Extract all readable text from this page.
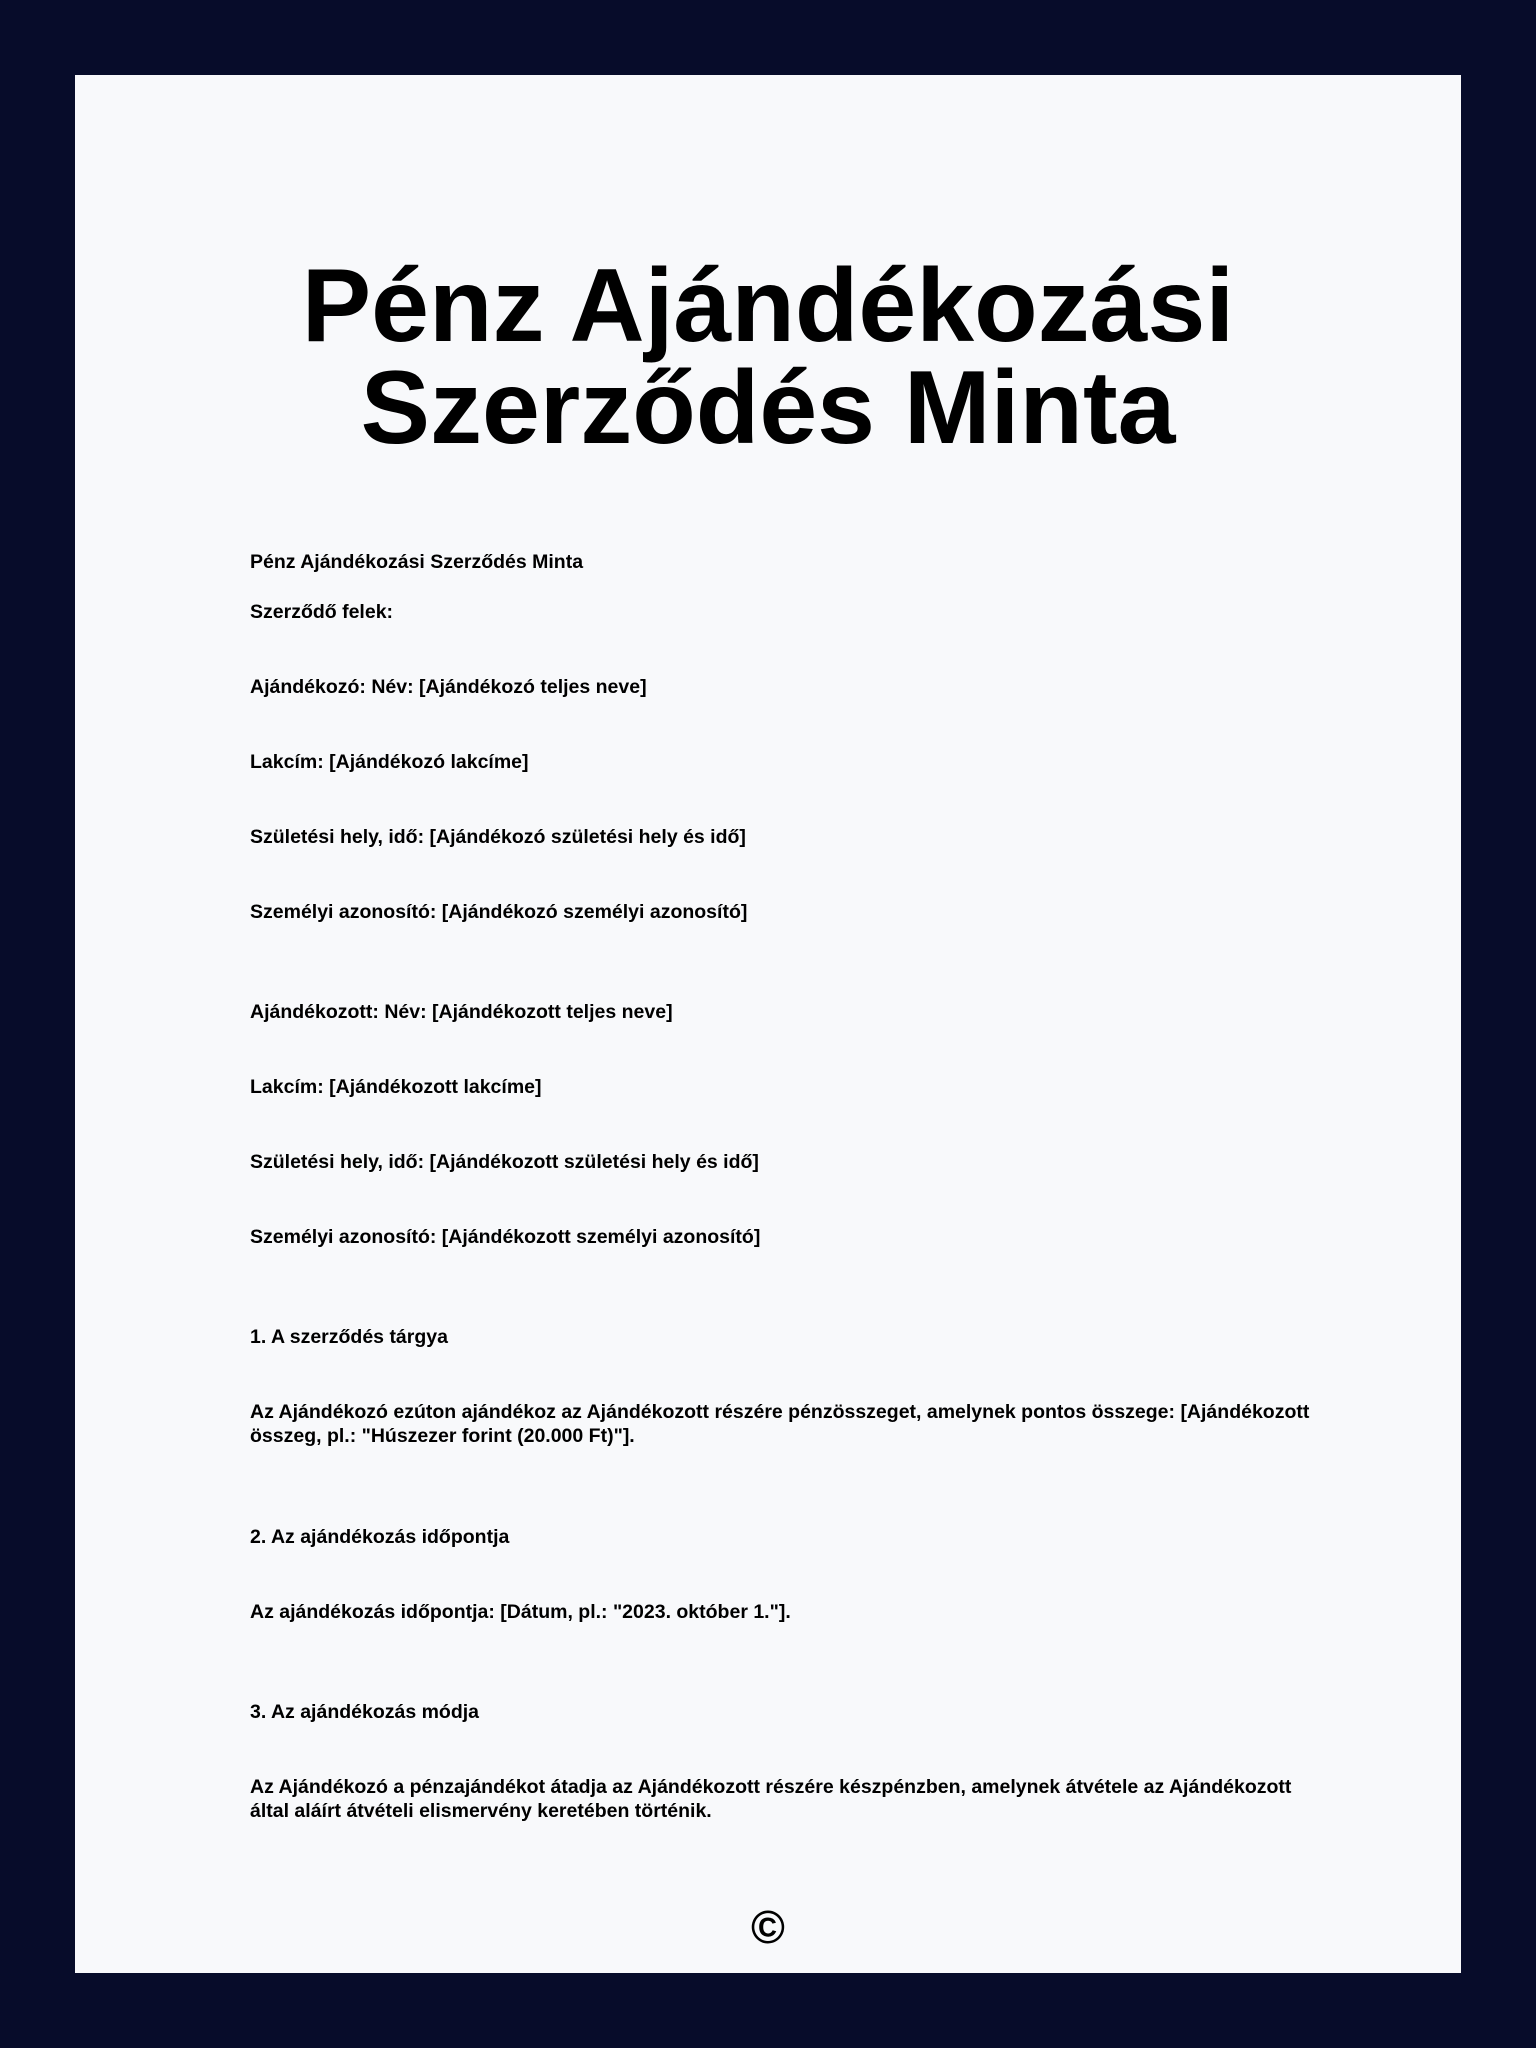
Pénz Ajándékozási
Szerződés Minta

Pénz Ajándékozási Szerződés Minta

Szerződő felek:

Ajándékozó: Név: [Ajándékozó teljes neve]

Lakcím: [Ajándékozó lakcíme]

Születési hely, idő: [Ajándékozó születési hely és idő]

Személyi azonosító: [Ajándékozó személyi azonosító]

Ajándékozott: Név: [Ajándékozott teljes neve]

Lakcím: [Ajándékozott lakcíme]

Születési hely, idő: [Ajándékozott születési hely és idő]

Személyi azonosító: [Ajándékozott személyi azonosító]

1. A szerződés tárgya

Az Ajándékozó ezúton ajándékoz az Ajándékozott részére pénzösszeget, amelynek pontos összege: [Ajándékozott összeg, pl.: "Húszezer forint (20.000 Ft)"].

2. Az ajándékozás időpontja

Az ajándékozás időpontja: [Dátum, pl.: "2023. október 1."].

3. Az ajándékozás módja

Az Ajándékozó a pénzajándékot átadja az Ajándékozott részére készpénzben, amelynek átvétele az Ajándékozott által aláírt átvételi elismervény keretében történik.

©
